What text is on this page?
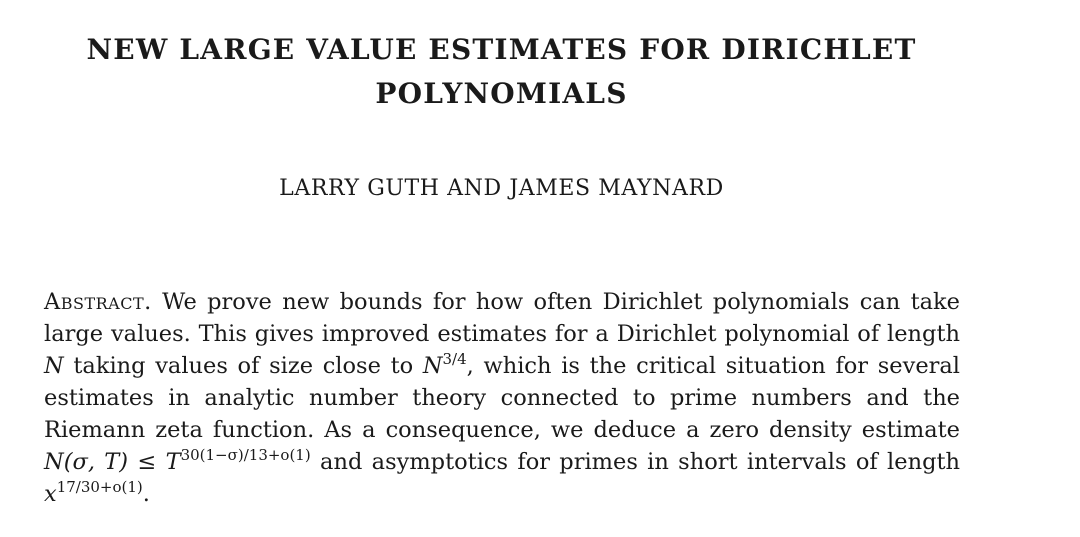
NEW LARGE VALUE ESTIMATES FOR DIRICHLET
POLYNOMIALS

LARRY GUTH AND JAMES MAYNARD

Abstract. We prove new bounds for how often Dirichlet polynomials can take large values. This gives improved estimates for a Dirichlet polynomial of length N taking values of size close to $N^{3/4}$, which is the critical situation for several estimates in analytic number theory connected to prime numbers and the Riemann zeta function. As a consequence, we deduce a zero density estimate N(σ, $T) \le T^{30(1-\sigma)/13+o(1)}$ and asymptotics for primes in short intervals of length $x^{17/30+o(1)}$.
